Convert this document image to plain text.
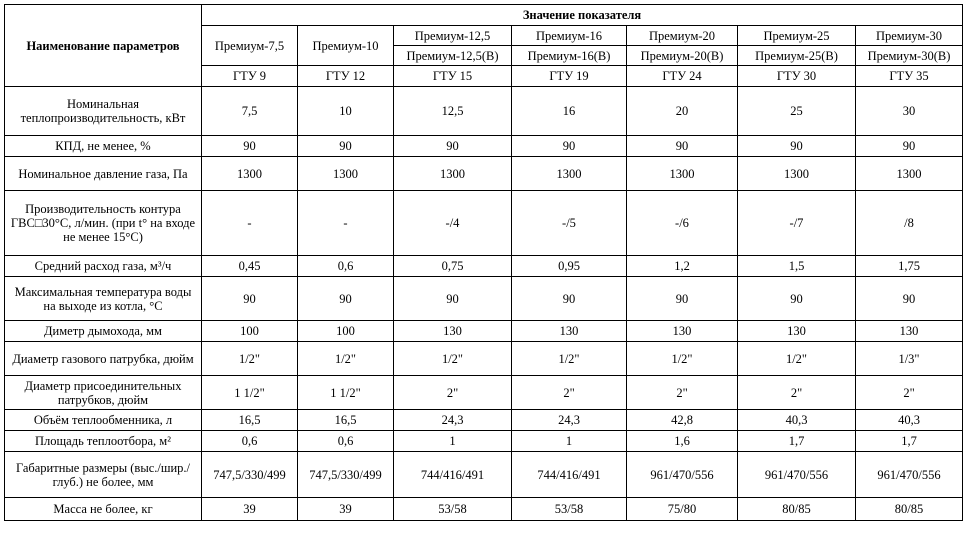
Наименование параметров	Значение показателя						
	Премиум-7,5	Премиум-10	Премиум-12,5	Премиум-16	Премиум-20	Премиум-25	Премиум-30
			Премиум-12,5(В)	Премиум-16(В)	Премиум-20(В)	Премиум-25(В)	Премиум-30(В)
	ГТУ 9	ГТУ 12	ГТУ 15	ГТУ 19	ГТУ 24	ГТУ 30	ГТУ 35
Номинальная теплопроизводительность, кВт	7,5	10	12,5	16	20	25	30
КПД, не менее, %	90	90	90	90	90	90	90
Номинальное давление газа, Па	1300	1300	1300	1300	1300	1300	1300
Производительность контура ГВС□30°С, л/мин. (при t° на входе не менее 15°С)	-	-	-/4	-/5	-/6	-/7	/8
Средний расход газа, м³/ч	0,45	0,6	0,75	0,95	1,2	1,5	1,75
Максимальная температура воды на выходе из котла, °С	90	90	90	90	90	90	90
Диметр дымохода, мм	100	100	130	130	130	130	130
Диаметр газового патрубка, дюйм	1/2"	1/2"	1/2"	1/2"	1/2"	1/2"	1/3"
Диаметр присоединительных патрубков, дюйм	1 1/2"	1 1/2"	2"	2"	2"	2"	2"
Объём теплообменника, л	16,5	16,5	24,3	24,3	42,8	40,3	40,3
Площадь теплоотбора, м²	0,6	0,6	1	1	1,6	1,7	1,7
Габаритные размеры (выс./шир./глуб.) не более, мм	747,5/330/499	747,5/330/499	744/416/491	744/416/491	961/470/556	961/470/556	961/470/556
Масса не более, кг	39	39	53/58	53/58	75/80	80/85	80/85
